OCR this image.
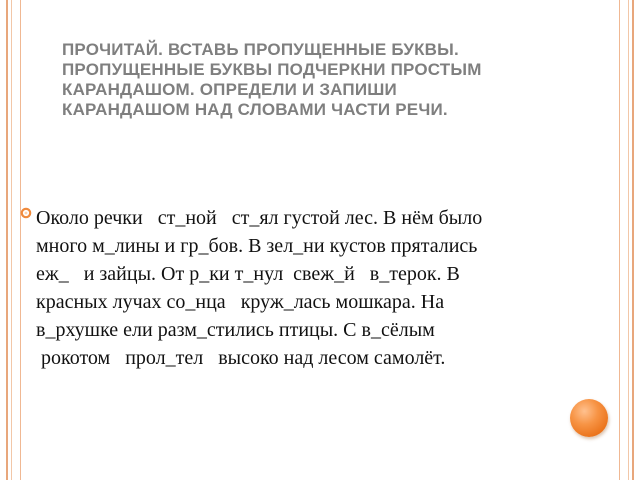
ПРОЧИТАЙ. ВСТАВЬ ПРОПУЩЕННЫЕ БУКВЫ.
ПРОПУЩЕННЫЕ БУКВЫ ПОДЧЕРКНИ ПРОСТЫМ
КАРАНДАШОМ. ОПРЕДЕЛИ И ЗАПИШИ
КАРАНДАШОМ НАД СЛОВАМИ ЧАСТИ РЕЧИ.

Около речки   ст_ной   ст_ял густой лес. В нём было
много м_лины и гр_бов. В зел_ни кустов прятались
еж_   и зайцы. От р_ки т_нул  свеж_й   в_терок. В
красных лучах со_нца   круж_лась мошкара. На
в_рхушке ели разм_стились птицы. С в_сёлым
рокотом   прол_тел   высоко над лесом самолёт.
